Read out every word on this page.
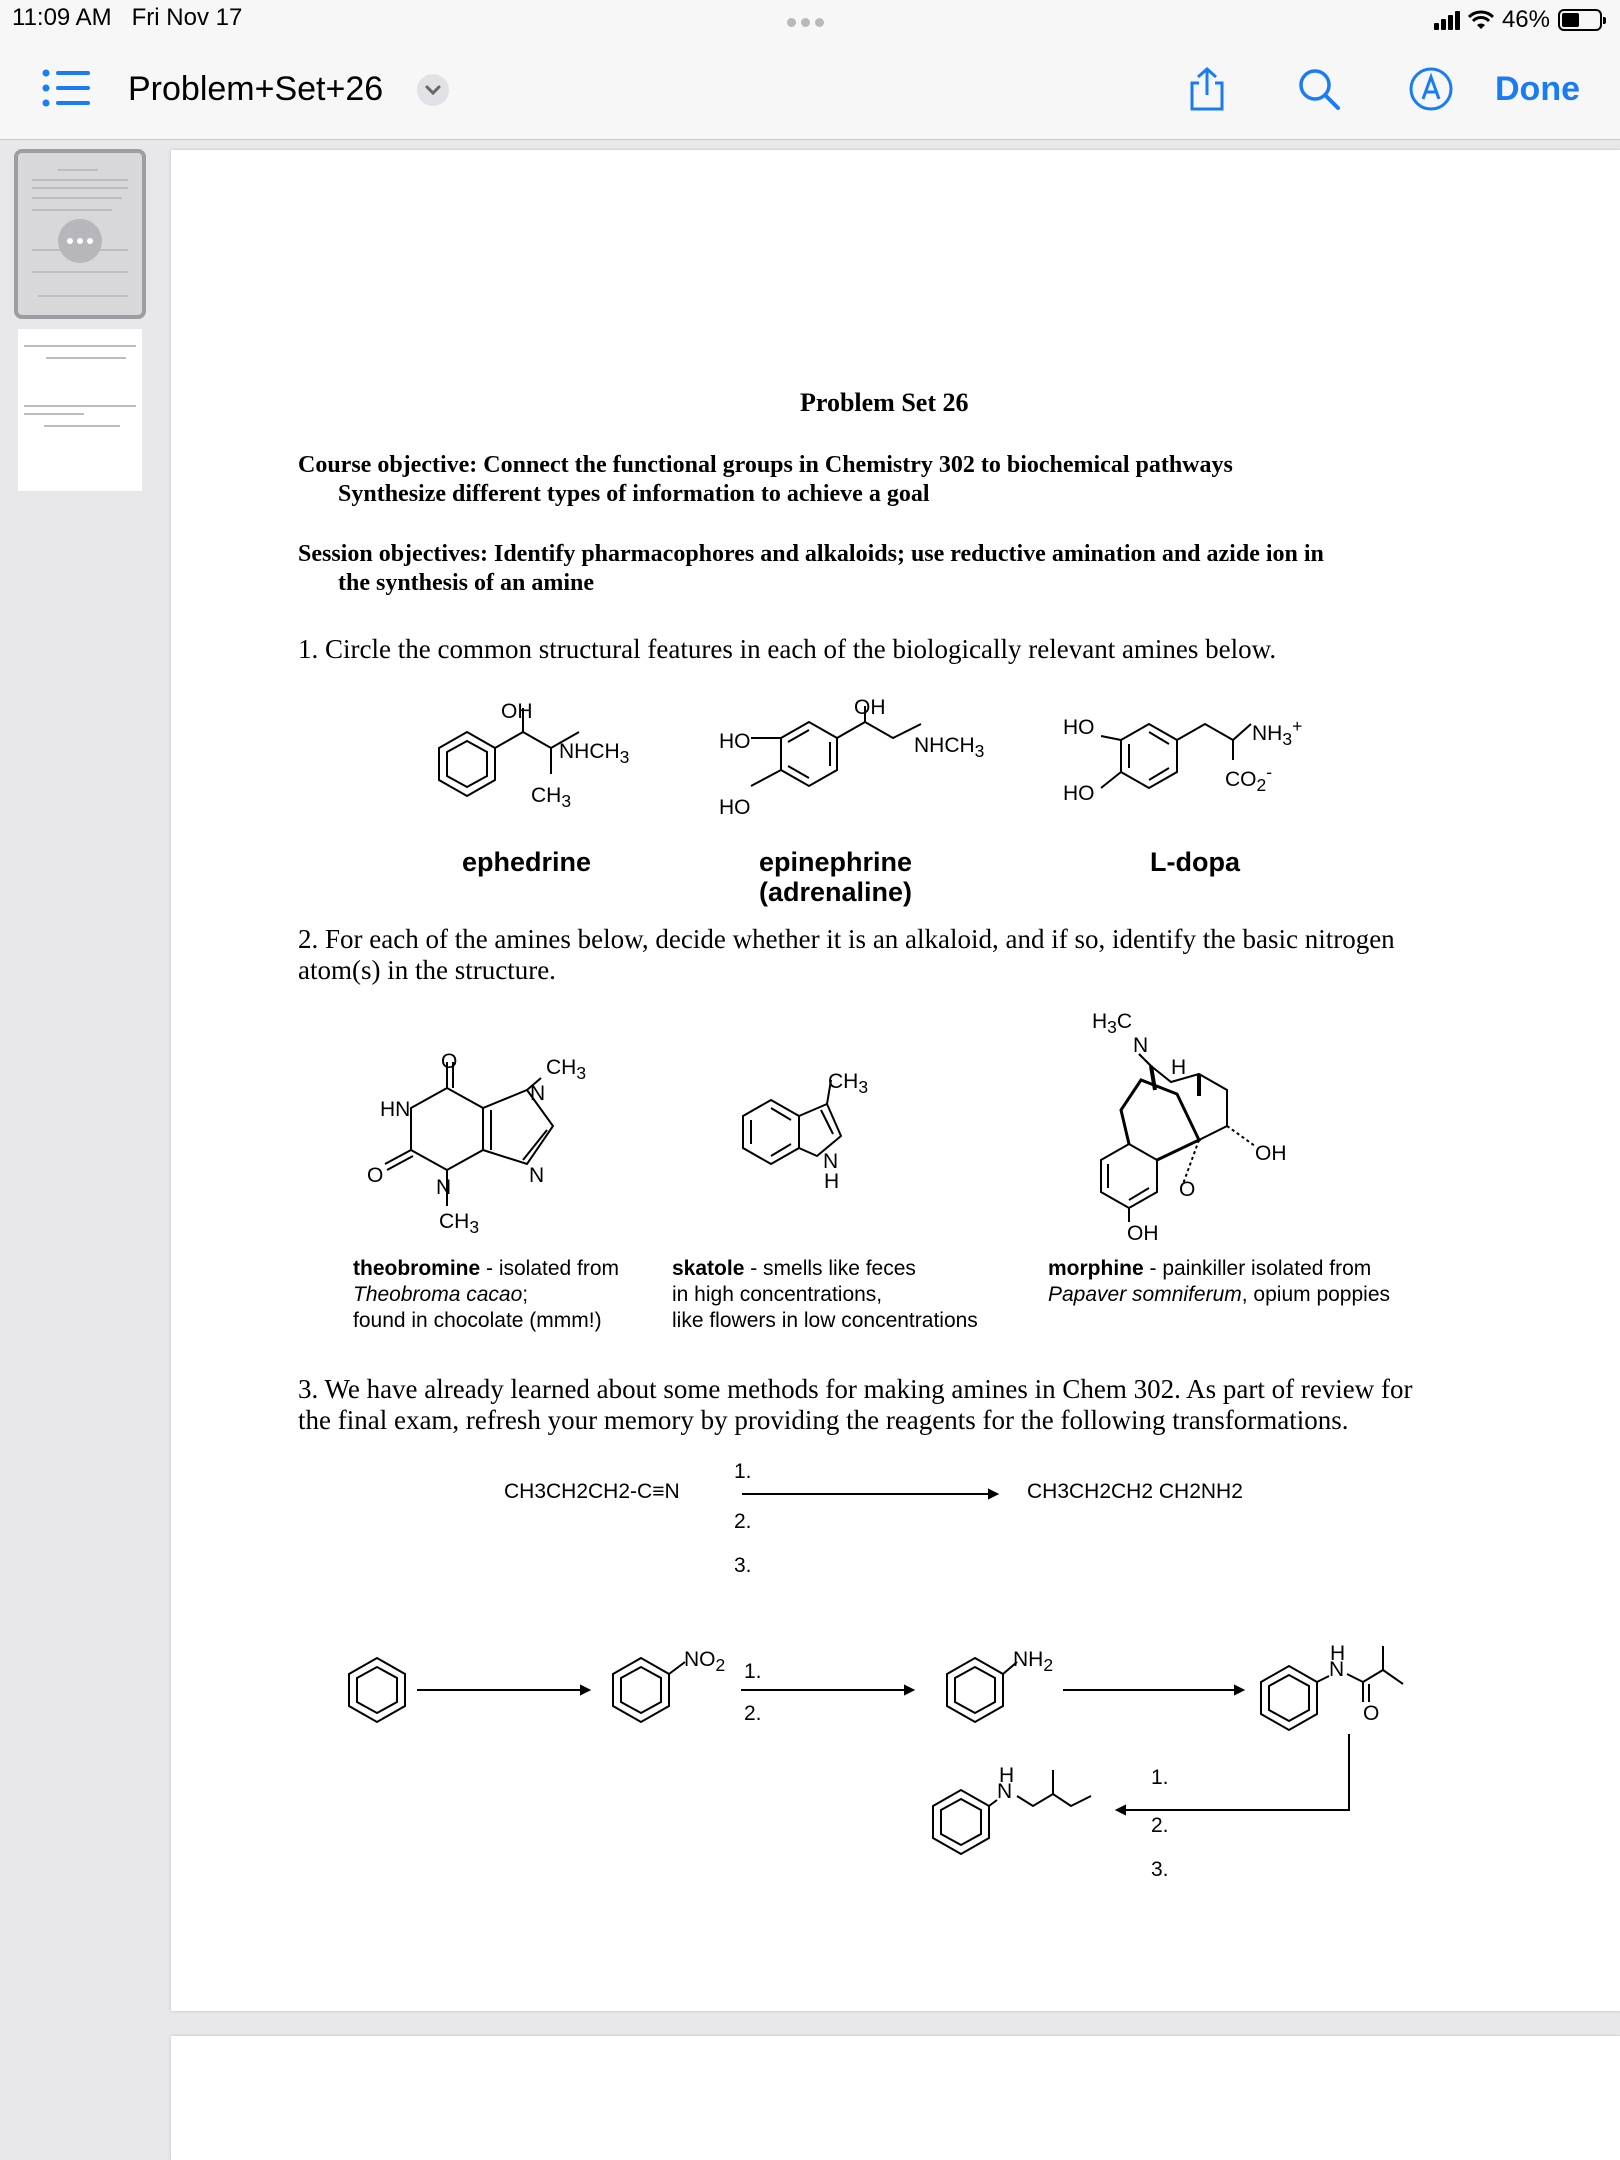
11:09 AM Fri Nov 17	46%
Problem+Set+26	Done
Problem Set 26
Course objective: Connect the functional groups in Chemistry 302 to biochemical pathways
Synthesize different types of information to achieve a goal
Session objectives: Identify pharmacophores and alkaloids; use reductive amination and azide ion in
the synthesis of an amine
1. Circle the common structural features in each of the biologically relevant amines below.
OH
$NHCH_3$
$CH_3$
ephedrine
OH
HO
HO
$NHCH_3$
epinephrine
(adrenaline)
HO
HO
$NH_3^+$
$CO_2^-$
L-dopa
2. For each of the amines below, decide whether it is an alkaloid, and if so, identify the basic nitrogen
atom(s) in the structure.
O	$CH_3$
N
HN
N
O
N
$CH_3$
theobromine - isolated from
Theobroma cacao;
found in chocolate (mmm!)
$CH_3$
N
H
skatole - smells like feces
in high concentrations,
like flowers in low concentrations
$H_3C$
N
H
OH
O
OH
morphine - painkiller isolated from
Papaver somniferum, opium poppies
3. We have already learned about some methods for making amines in Chem 302. As part of review for
the final exam, refresh your memory by providing the reagents for the following transformations.
CH3CH2CH2-C≡N
1.
2.
3.
CH3CH2CH2 CH2NH2
$NO_2$ 1.
2.
$NH_2$
H
N
O
H
N
1.
2.
3.
